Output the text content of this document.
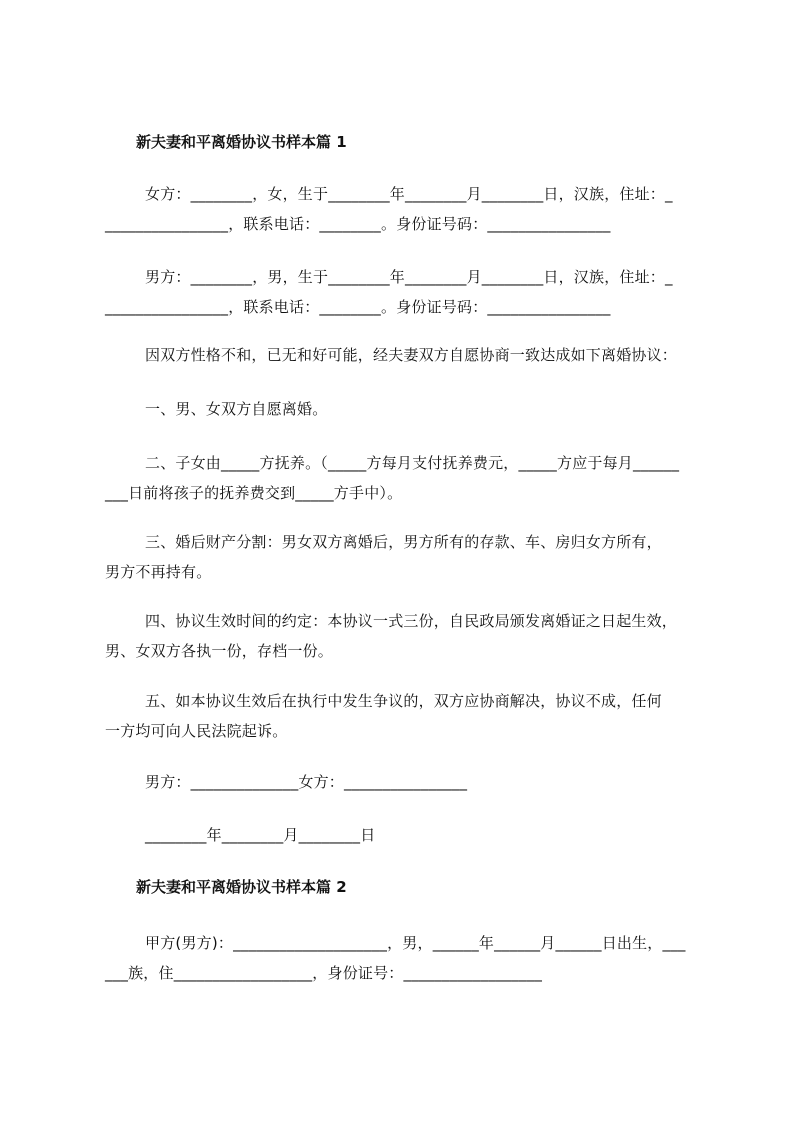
新夫妻和平离婚协议书样本篇 1
女方：________，女，生于________年________月________日，汉族，住址：_
________________，联系电话：________。身份证号码：________________
男方：________，男，生于________年________月________日，汉族，住址：_
________________，联系电话：________。身份证号码：________________
因双方性格不和，已无和好可能，经夫妻双方自愿协商一致达成如下离婚协议：
一、男、女双方自愿离婚。
二、子女由_____方抚养。（_____方每月支付抚养费元，_____方应于每月______
___日前将孩子的抚养费交到_____方手中）。
三、婚后财产分割：男女双方离婚后，男方所有的存款、车、房归女方所有，
男方不再持有。
四、协议生效时间的约定：本协议一式三份，自民政局颁发离婚证之日起生效，
男、女双方各执一份，存档一份。
五、如本协议生效后在执行中发生争议的，双方应协商解决，协议不成，任何
一方均可向人民法院起诉。
男方：______________女方：________________
________年________月________日
新夫妻和平离婚协议书样本篇 2
甲方(男方)：____________________，男，______年______月______日出生，___
___族，住__________________，身份证号：__________________
